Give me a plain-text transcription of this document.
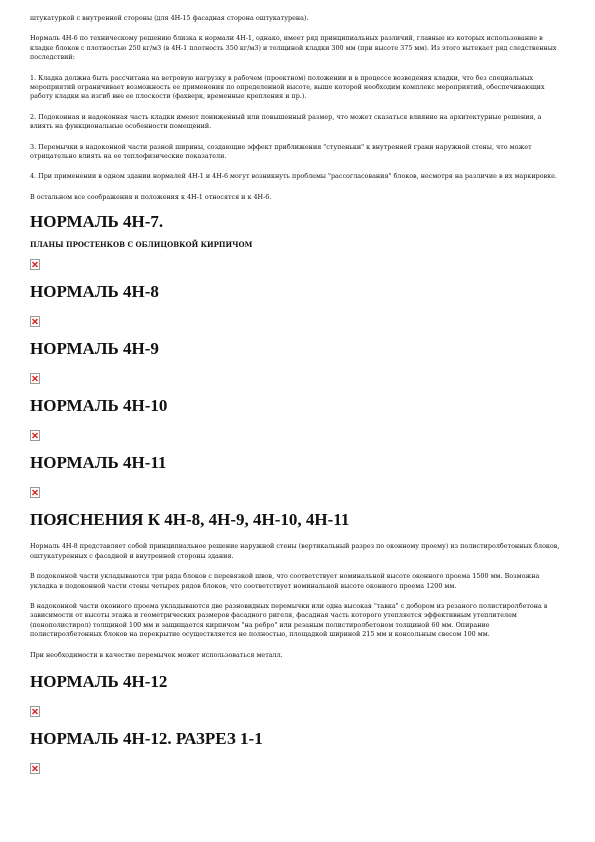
штукатуркой с внутренней стороны (для 4Н-15 фасадная сторона оштукатурена).

Нормаль 4Н-6 по техническому решению близка к нормали 4Н-1, однако, имеет ряд принципиальных различий, главные из которых использование в кладке блоков с плотностью 250 кг/м3 (в 4Н-1 плотность 350 кг/м3) и толщиной кладки 300 мм (при высоте 375 мм). Из этого вытекает ряд следственных последствий:

1. Кладка должна быть рассчитана на ветровую нагрузку в рабочем (проектном) положении и в процессе возведения кладки, что без специальных мероприятий ограничивает возможность ее применения по определенной высоте, выше которой необходим комплекс мероприятий, обеспечивающих работу кладки на изгиб вне ее плоскости (фахверк, временные крепления и пр.).

2. Подоконная и надоконная часть кладки имеют пониженный или повышенный размер, что может сказаться влияние на архитектурные решения, а влиять на функциональные особенности помещений.

3. Перемычки в надоконной части разной ширины, создающие эффект приближения "ступеньки" к внутренней грани наружной стены, что может отрицательно влиять на ее теплофизические показатели.

4. При применении в одном здании нормалей 4Н-1 и 4Н-6 могут возникнуть проблемы "рассогласования" блоков, несмотря на различие в их маркировке.

В остальном все соображения и положения к 4Н-1 относятся и к 4Н-6.

НОРМАЛЬ 4Н-7.
ПЛАНЫ ПРОСТЕНКОВ С ОБЛИЦОВКОЙ КИРПИЧОМ
НОРМАЛЬ 4Н-8
НОРМАЛЬ 4Н-9
НОРМАЛЬ 4Н-10
НОРМАЛЬ 4Н-11
ПОЯСНЕНИЯ К 4Н-8, 4Н-9, 4Н-10, 4Н-11

Нормаль 4Н-8 представляет собой принципиальное решение наружной стены (вертикальный разрез по оконному проему) из полистиролбетонных блоков, оштукатуренных с фасадной и внутренней стороны здания.

В подоконной части укладываются три ряда блоков с перевязкой швов, что соответствует номинальной высоте оконного проема 1500 мм. Возможна укладка в подоконной части стены четырех рядов блоков, что соответствует номинальной высоте оконного проема 1200 мм.

В надоконной части оконного проема укладываются две разновидных перемычки или одна высокая "тавка" с добором из резаного полистиролбетона в зависимости от высоты этажа и геометрических размеров фасадного ригеля, фасадная часть которого утепляется эффективным утеплителем (пенополистирол) толщиной 100 мм и защищается кирпичом "на ребро" или резаным полистиролбетоном толщиной 60 мм. Опирание полистиролбетонных блоков на перекрытие осуществляется не полностью, площадкой шириной 215 мм и консольным свесом 100 мм.

При необходимости в качестве перемычек может использоваться металл.

НОРМАЛЬ 4Н-12
НОРМАЛЬ 4Н-12. РАЗРЕЗ 1-1
